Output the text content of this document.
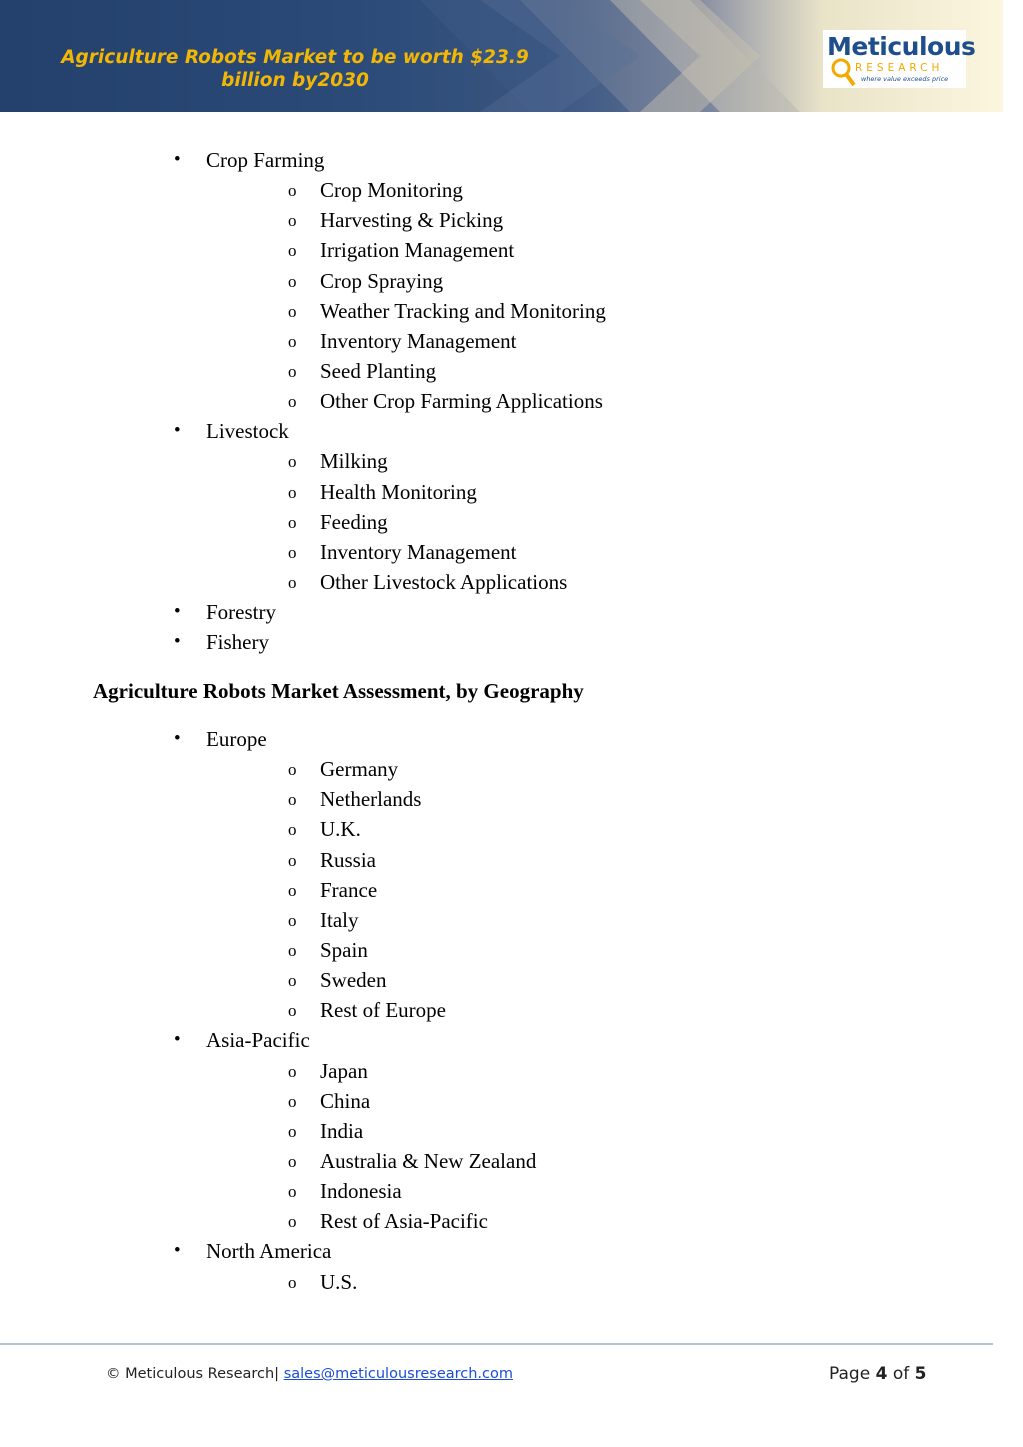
Agriculture Robots Market to be worth $23.9 billion by2030

Meticulous
RESEARCH
where value exceeds price
• Crop Farming
o Crop Monitoring
o Harvesting & Picking
o Irrigation Management
o Crop Spraying
o Weather Tracking and Monitoring
o Inventory Management
o Seed Planting
o Other Crop Farming Applications
• Livestock
o Milking
o Health Monitoring
o Feeding
o Inventory Management
o Other Livestock Applications
• Forestry
• Fishery
Agriculture Robots Market Assessment, by Geography
• Europe
o Germany
o Netherlands
o U.K.
o Russia
o France
o Italy
o Spain
o Sweden
o Rest of Europe
• Asia-Pacific
o Japan
o China
o India
o Australia & New Zealand
o Indonesia
o Rest of Asia-Pacific
• North America
o U.S.
© Meticulous Research| sales@meticulousresearch.com	Page 4 of 5
